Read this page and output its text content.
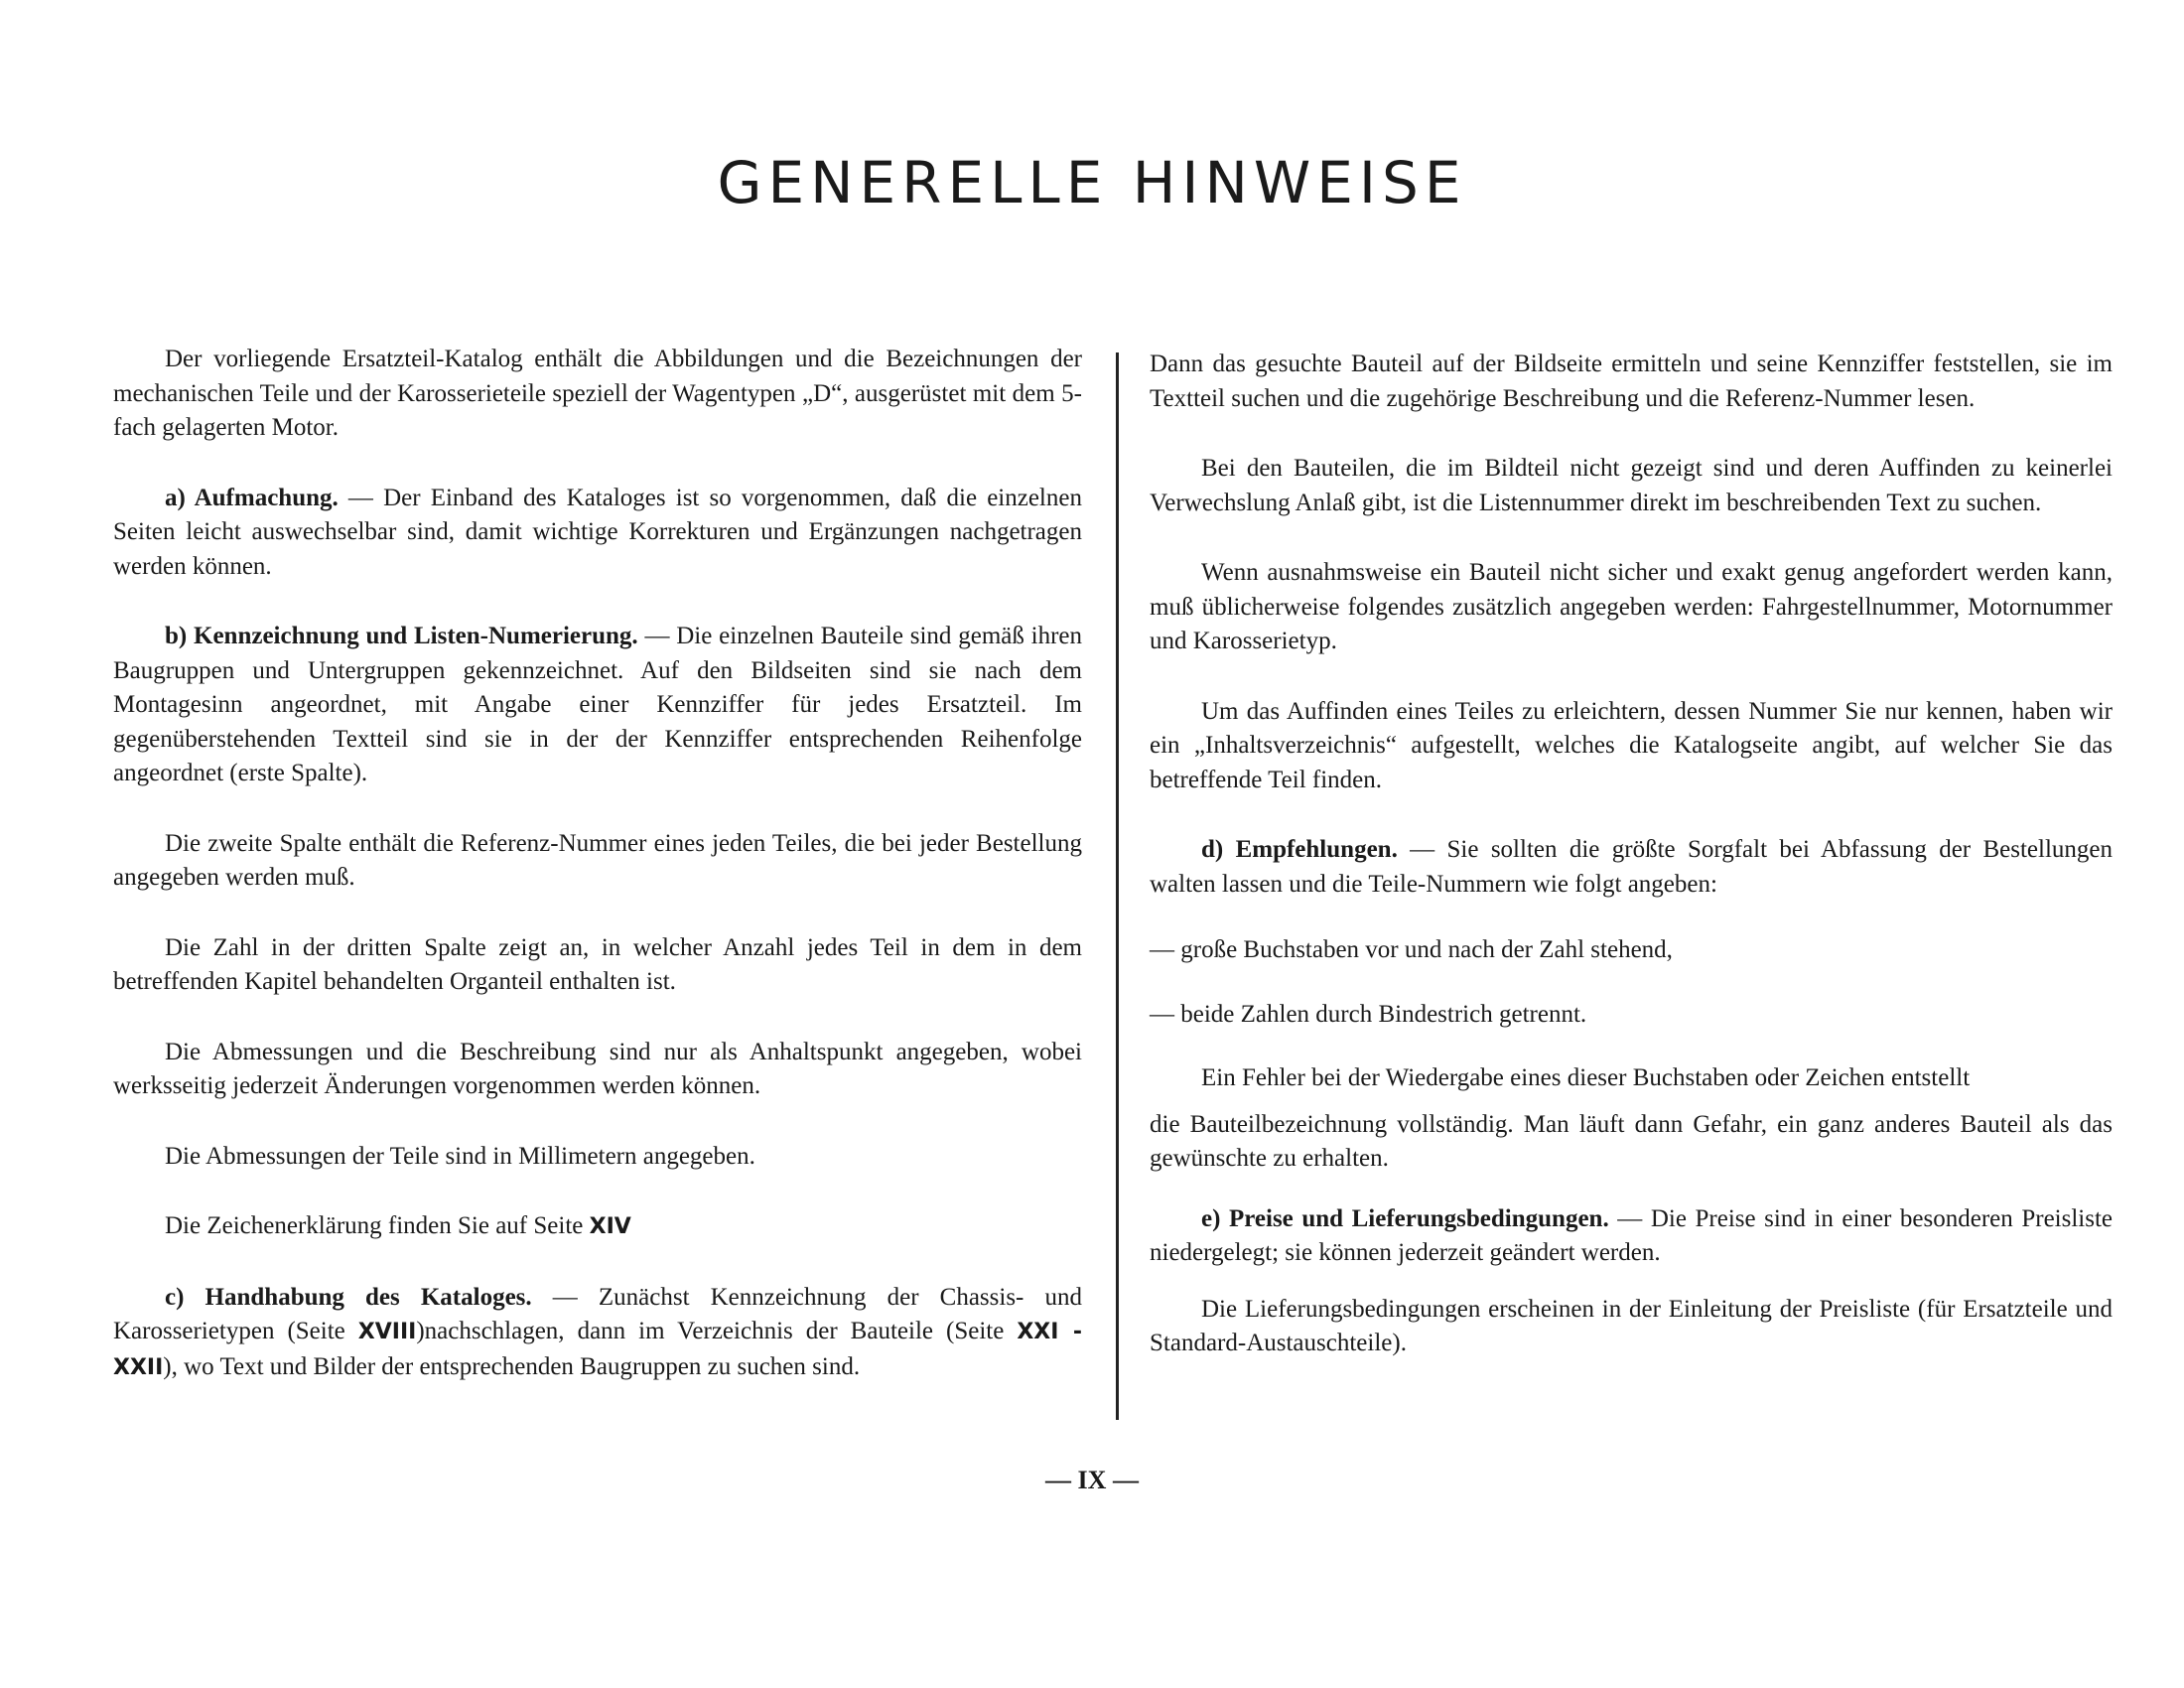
GENERELLE HINWEISE

Der vorliegende Ersatzteil-Katalog enthält die Abbildungen und die Bezeichnungen der mechanischen Teile und der Karosserieteile speziell der Wagentypen „D“, ausgerüstet mit dem 5-fach gelagerten Motor.

a) Aufmachung. — Der Einband des Kataloges ist so vorgenommen, daß die einzelnen Seiten leicht auswechselbar sind, damit wichtige Korrekturen und Ergänzungen nachgetragen werden können.

b) Kennzeichnung und Listen-Numerierung. — Die einzelnen Bauteile sind gemäß ihren Baugruppen und Untergruppen gekennzeichnet. Auf den Bildseiten sind sie nach dem Montagesinn angeordnet, mit Angabe einer Kennziffer für jedes Ersatzteil. Im gegenüberstehenden Textteil sind sie in der der Kennziffer entsprechenden Reihenfolge angeordnet (erste Spalte).

Die zweite Spalte enthält die Referenz-Nummer eines jeden Teiles, die bei jeder Bestellung angegeben werden muß.

Die Zahl in der dritten Spalte zeigt an, in welcher Anzahl jedes Teil in dem in dem betreffenden Kapitel behandelten Organteil enthalten ist.

Die Abmessungen und die Beschreibung sind nur als Anhaltspunkt angegeben, wobei werksseitig jederzeit Änderungen vorgenommen werden können.

Die Abmessungen der Teile sind in Millimetern angegeben.

Die Zeichenerklärung finden Sie auf Seite XIV

c) Handhabung des Kataloges. — Zunächst Kennzeichnung der Chassis- und Karosserietypen (Seite XVIII)nachschlagen, dann im Verzeichnis der Bauteile (Seite XXI - XXII), wo Text und Bilder der entsprechenden Baugruppen zu suchen sind.

Dann das gesuchte Bauteil auf der Bildseite ermitteln und seine Kennziffer feststellen, sie im Textteil suchen und die zugehörige Beschreibung und die Referenz-Nummer lesen.

Bei den Bauteilen, die im Bildteil nicht gezeigt sind und deren Auffinden zu keinerlei Verwechslung Anlaß gibt, ist die Listennummer direkt im beschreibenden Text zu suchen.

Wenn ausnahmsweise ein Bauteil nicht sicher und exakt genug angefordert werden kann, muß üblicherweise folgendes zusätzlich angegeben werden: Fahrgestellnummer, Motornummer und Karosserietyp.

Um das Auffinden eines Teiles zu erleichtern, dessen Nummer Sie nur kennen, haben wir ein „Inhaltsverzeichnis“ aufgestellt, welches die Katalogseite angibt, auf welcher Sie das betreffende Teil finden.

d) Empfehlungen. — Sie sollten die größte Sorgfalt bei Abfassung der Bestellungen walten lassen und die Teile-Nummern wie folgt angeben:

— große Buchstaben vor und nach der Zahl stehend,

— beide Zahlen durch Bindestrich getrennt.

Ein Fehler bei der Wiedergabe eines dieser Buchstaben oder Zeichen entstellt

die Bauteilbezeichnung vollständig. Man läuft dann Gefahr, ein ganz anderes Bauteil als das gewünschte zu erhalten.

e) Preise und Lieferungsbedingungen. — Die Preise sind in einer besonderen Preisliste niedergelegt; sie können jederzeit geändert werden.

Die Lieferungsbedingungen erscheinen in der Einleitung der Preisliste (für Ersatzteile und Standard-Austauschteile).

— IX —
